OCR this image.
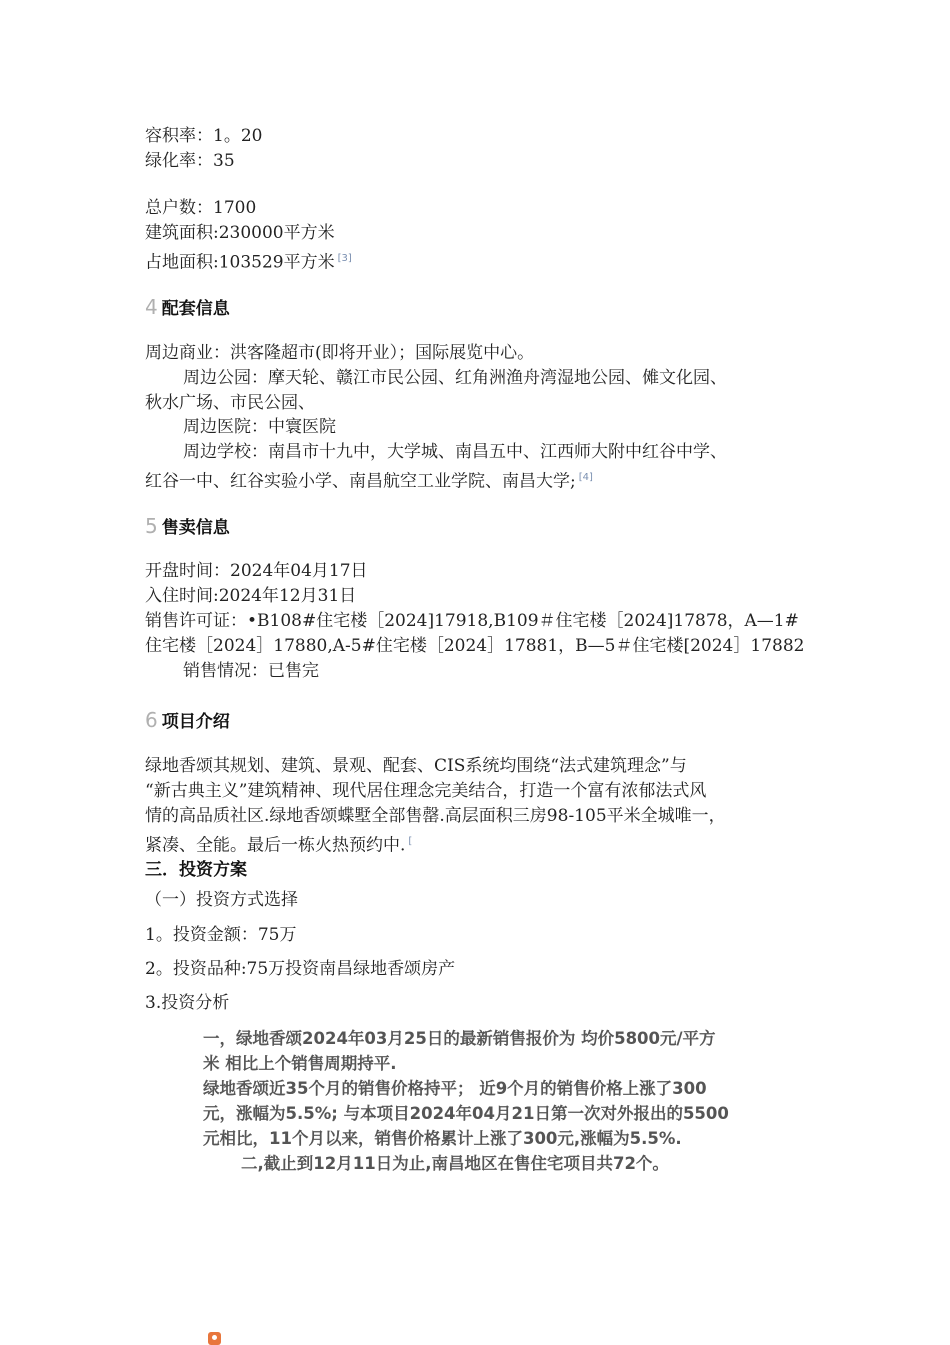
容积率：1。20
绿化率：35
总户数：1700
建筑面积:230000平方米
占地面积:103529平方米 [3]
4 配套信息
周边商业：洪客隆超市(即将开业）；国际展览中心。
周边公园：摩天轮、赣江市民公园、红角洲渔舟湾湿地公园、傩文化园、
秋水广场、市民公园、
周边医院：中寰医院
周边学校：南昌市十九中，大学城、南昌五中、江西师大附中红谷中学、
红谷一中、红谷实验小学、南昌航空工业学院、南昌大学; [4]
5 售卖信息
开盘时间：2024年04月17日
入住时间:2024年12月31日
销售许可证：•B108#住宅楼［2024]17918,B109＃住宅楼［2024]17878，A—1#
住宅楼［2024］17880,A-5#住宅楼［2024］17881，B—5＃住宅楼[2024］17882
销售情况：已售完
6 项目介绍
绿地香颂其规划、建筑、景观、配套、CIS系统均围绕“法式建筑理念”与
“新古典主义”建筑精神、现代居住理念完美结合，打造一个富有浓郁法式风
情的高品质社区.绿地香颂蝶墅全部售罄.高层面积三房98-105平米全城唯一，
紧凑、全能。最后一栋火热预约中. [
三．投资方案
（一）投资方式选择
1。投资金额：75万
2。投资品种:75万投资南昌绿地香颂房产
3.投资分析
一，绿地香颂2024年03月25日的最新销售报价为 均价5800元/平方
米 相比上个销售周期持平.
绿地香颂近35个月的销售价格持平； 近9个月的销售价格上涨了300
元，涨幅为5.5%; 与本项目2024年04月21日第一次对外报出的5500
元相比，11个月以来，销售价格累计上涨了300元,涨幅为5.5%.
二,截止到12月11日为止,南昌地区在售住宅项目共72个。
